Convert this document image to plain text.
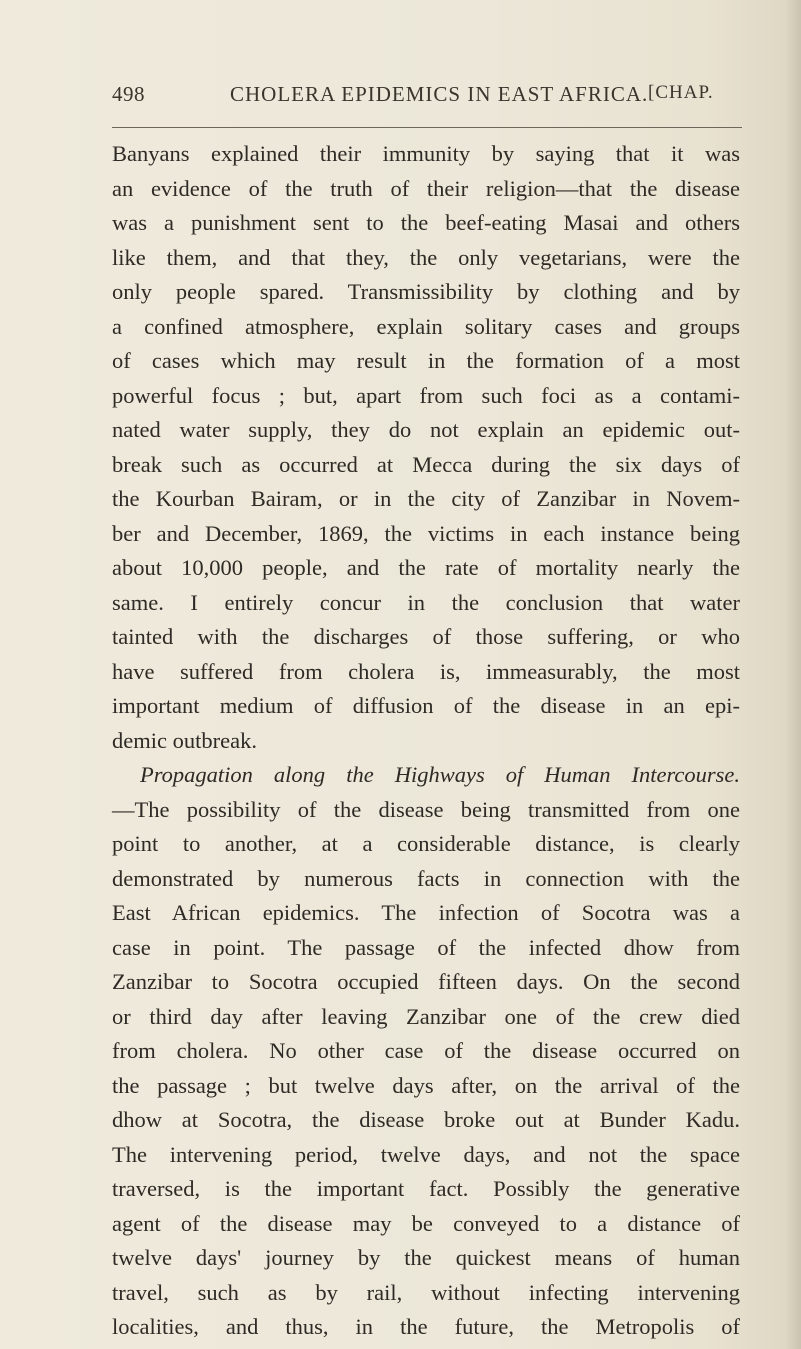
498	CHOLERA EPIDEMICS IN EAST AFRICA. [CHAP.
Banyans explained their immunity by saying that it was
an evidence of the truth of their religion—that the disease
was a punishment sent to the beef-eating Masai and others
like them, and that they, the only vegetarians, were the
only people spared. Transmissibility by clothing and by
a confined atmosphere, explain solitary cases and groups
of cases which may result in the formation of a most
powerful focus ; but, apart from such foci as a contami-
nated water supply, they do not explain an epidemic out-
break such as occurred at Mecca during the six days of
the Kourban Bairam, or in the city of Zanzibar in Novem-
ber and December, 1869, the victims in each instance being
about 10,000 people, and the rate of mortality nearly the
same. I entirely concur in the conclusion that water
tainted with the discharges of those suffering, or who
have suffered from cholera is, immeasurably, the most
important medium of diffusion of the disease in an epi-
demic outbreak.
Propagation along the Highways of Human Intercourse.
—The possibility of the disease being transmitted from one
point to another, at a considerable distance, is clearly
demonstrated by numerous facts in connection with the
East African epidemics. The infection of Socotra was a
case in point. The passage of the infected dhow from
Zanzibar to Socotra occupied fifteen days. On the second
or third day after leaving Zanzibar one of the crew died
from cholera. No other case of the disease occurred on
the passage ; but twelve days after, on the arrival of the
dhow at Socotra, the disease broke out at Bunder Kadu.
The intervening period, twelve days, and not the space
traversed, is the important fact. Possibly the generative
agent of the disease may be conveyed to a distance of
twelve days' journey by the quickest means of human
travel, such as by rail, without infecting intervening
localities, and thus, in the future, the Metropolis of
